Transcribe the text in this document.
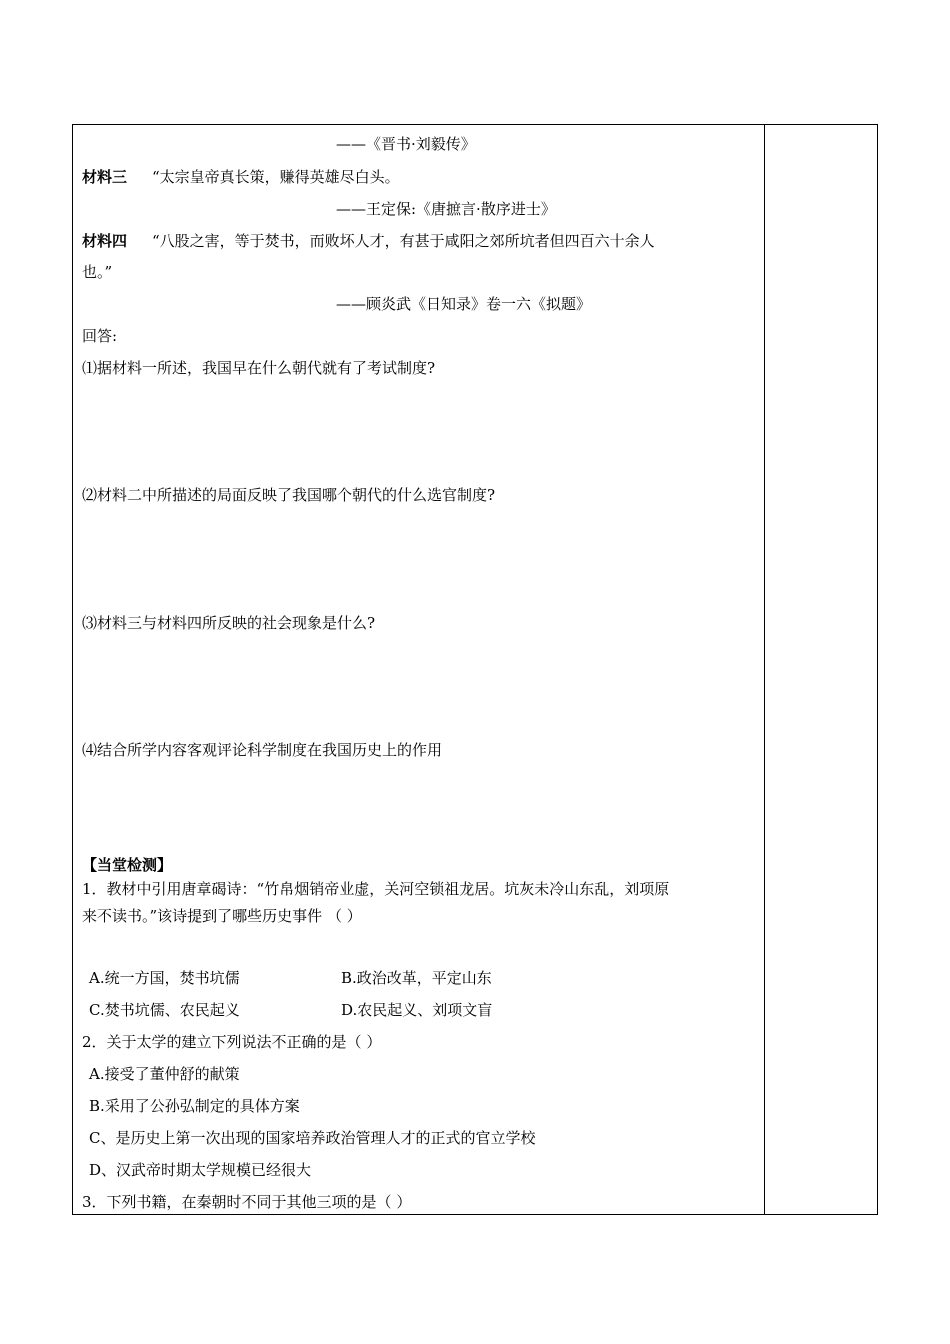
——《晋书·刘毅传》
材料三 “太宗皇帝真长策，赚得英雄尽白头。
——王定保:《唐摭言·散序进士》
材料四 “八股之害，等于焚书，而败坏人才，有甚于咸阳之郊所坑者但四百六十余人
也。”
——顾炎武《日知录》卷一六《拟题》
回答:
⑴据材料一所述，我国早在什么朝代就有了考试制度?
⑵材料二中所描述的局面反映了我国哪个朝代的什么选官制度?
⑶材料三与材料四所反映的社会现象是什么?
⑷结合所学内容客观评论科学制度在我国历史上的作用
【当堂检测】
1．教材中引用唐章碣诗：“竹帛烟销帝业虚，关河空锁祖龙居。坑灰未冷山东乱，刘项原
来不读书。”该诗提到了哪些历史事件 （ ）
A.统一方国，焚书坑儒	B.政治改革，平定山东
C.焚书坑儒、农民起义	D.农民起义、刘项文盲
2．关于太学的建立下列说法不正确的是（ ）
A.接受了董仲舒的献策
B.采用了公孙弘制定的具体方案
C、是历史上第一次出现的国家培养政治管理人才的正式的官立学校
D、汉武帝时期太学规模已经很大
3．下列书籍，在秦朝时不同于其他三项的是（ ）
